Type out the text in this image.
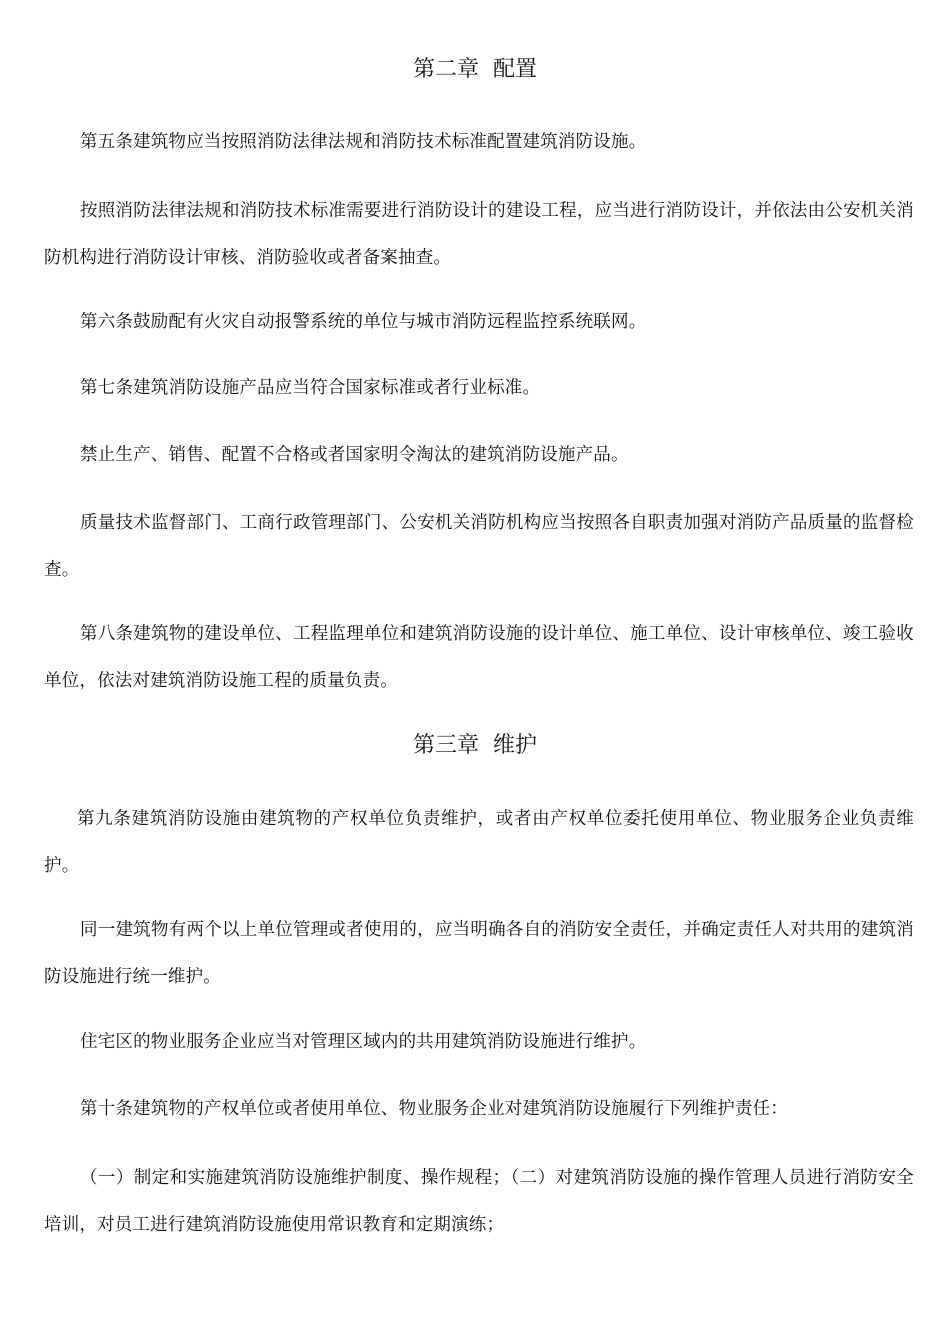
第二章  配置

第五条建筑物应当按照消防法律法规和消防技术标准配置建筑消防设施。

按照消防法律法规和消防技术标准需要进行消防设计的建设工程，应当进行消防设计，并依法由公安机关消防机构进行消防设计审核、消防验收或者备案抽查。

第六条鼓励配有火灾自动报警系统的单位与城市消防远程监控系统联网。

第七条建筑消防设施产品应当符合国家标准或者行业标准。

禁止生产、销售、配置不合格或者国家明令淘汰的建筑消防设施产品。

质量技术监督部门、工商行政管理部门、公安机关消防机构应当按照各自职责加强对消防产品质量的监督检查。

第八条建筑物的建设单位、工程监理单位和建筑消防设施的设计单位、施工单位、设计审核单位、竣工验收单位，依法对建筑消防设施工程的质量负责。

第三章  维护

第九条建筑消防设施由建筑物的产权单位负责维护，或者由产权单位委托使用单位、物业服务企业负责维护。

同一建筑物有两个以上单位管理或者使用的，应当明确各自的消防安全责任，并确定责任人对共用的建筑消防设施进行统一维护。

住宅区的物业服务企业应当对管理区域内的共用建筑消防设施进行维护。

第十条建筑物的产权单位或者使用单位、物业服务企业对建筑消防设施履行下列维护责任：

（一）制定和实施建筑消防设施维护制度、操作规程；（二）对建筑消防设施的操作管理人员进行消防安全培训，对员工进行建筑消防设施使用常识教育和定期演练；
